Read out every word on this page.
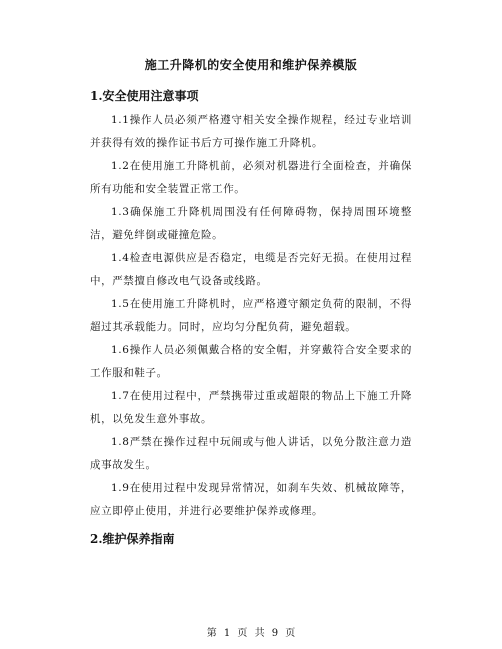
施工升降机的安全使用和维护保养模版
1.安全使用注意事项
1.1操作人员必须严格遵守相关安全操作规程，经过专业培训并获得有效的操作证书后方可操作施工升降机。
1.2在使用施工升降机前，必须对机器进行全面检查，并确保所有功能和安全装置正常工作。
1.3确保施工升降机周围没有任何障碍物，保持周围环境整洁，避免绊倒或碰撞危险。
1.4检查电源供应是否稳定，电缆是否完好无损。在使用过程中，严禁擅自修改电气设备或线路。
1.5在使用施工升降机时，应严格遵守额定负荷的限制，不得超过其承载能力。同时，应均匀分配负荷，避免超载。
1.6操作人员必须佩戴合格的安全帽，并穿戴符合安全要求的工作服和鞋子。
1.7在使用过程中，严禁携带过重或超限的物品上下施工升降机，以免发生意外事故。
1.8严禁在操作过程中玩闹或与他人讲话，以免分散注意力造成事故发生。
1.9在使用过程中发现异常情况，如刹车失效、机械故障等，应立即停止使用，并进行必要维护保养或修理。
2.维护保养指南
第 1 页 共 9 页
